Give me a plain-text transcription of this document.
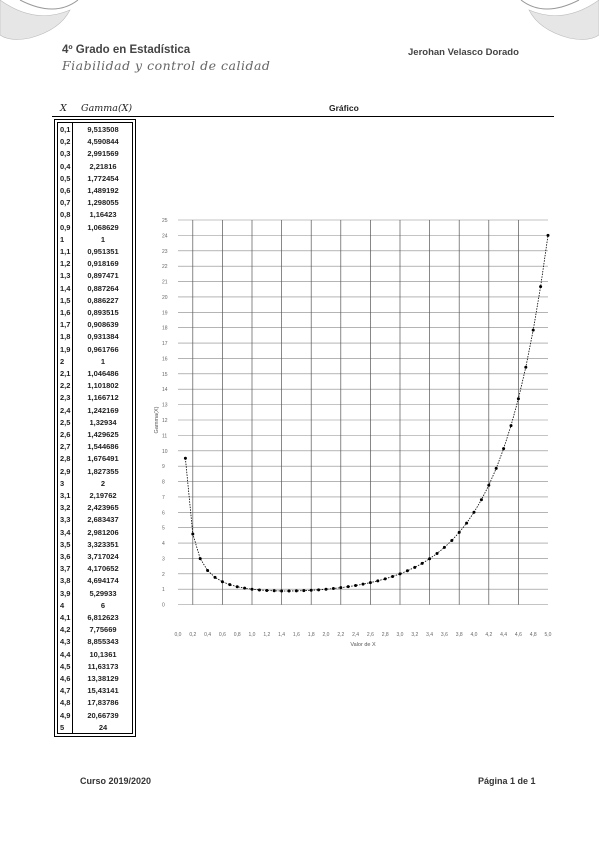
4º Grado en Estadística
Fiabilidad y control de calidad
Jerohan Velasco Dorado
X Gamma(X)	Gráfico
0,1	9,513508
0,2	4,590844
0,3	2,991569
0,4	2,21816
0,5	1,772454
0,6	1,489192
0,7	1,298055
0,8	1,16423
0,9	1,068629
1	1
1,1	0,951351
1,2	0,918169
1,3	0,897471
1,4	0,887264
1,5	0,886227
1,6	0,893515
1,7	0,908639
1,8	0,931384
1,9	0,961766
2	1
2,1	1,046486
2,2	1,101802
2,3	1,166712
2,4	1,242169
2,5	1,32934
2,6	1,429625
2,7	1,544686
2,8	1,676491
2,9	1,827355
3	2
3,1	2,19762
3,2	2,423965
3,3	2,683437
3,4	2,981206
3,5	3,323351
3,6	3,717024
3,7	4,170652
3,8	4,694174
3,9	5,29933
4	6
4,1	6,812623
4,2	7,75669
4,3	8,855343
4,4	10,1361
4,5	11,63173
4,6	13,38129
4,7	15,43141
4,8	17,83786
4,9	20,66739
5	24
0
1
2
3
4
5
6
7
8
9
10
11
12
13
14
15
16
17
18
19
20
21
22
23
24
25
0,0 0,2 0,4 0,6 0,8 1,0 1,2 1,4 1,6 1,8 2,0 2,2 2,4 2,6 2,8 3,0 3,2 3,4 3,6 3,8 4,0 4,2 4,4 4,6 4,8 5,0
Valor de X
Gamma(X)
Curso 2019/2020	Página 1 de 1
